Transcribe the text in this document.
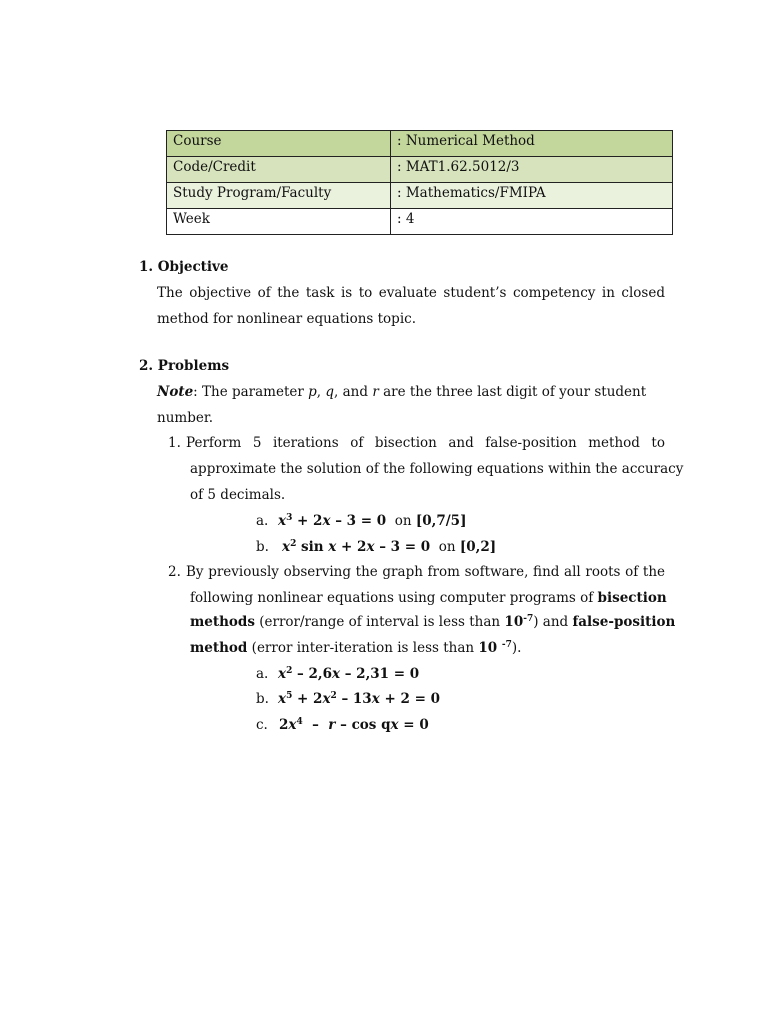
Course	: Numerical Method
Code/Credit	: MAT1.62.5012/3
Study Program/Faculty	: Mathematics/FMIPA
Week	: 4
1. Objective
The objective of the task is to evaluate student’s competency in closed
method for nonlinear equations topic.
2. Problems
Note: The parameter p, q, and r are the three last digit of your student
number.
1. Perform 5 iterations of bisection and false-position method to
approximate the solution of the following equations within the accuracy
of 5 decimals.
a. $x^3 + 2x - 3 = 0$ on [0,7/5]
b. $x^2$ sin x + 2x – 3 = 0 on [0,2]
2. By previously observing the graph from software, find all roots of the
following nonlinear equations using computer programs of bisection
methods (error/range of interval is less than $10^{-7}$) and false-position
method (error inter-iteration is less than 10 $^{-7}$).
a. $x^2 - 2,6x - 2,31 = 0$
b. $x^5 + 2x^2 - 13x + 2 = 0$
c. $2x^4$  –  r – cos qx = 0
